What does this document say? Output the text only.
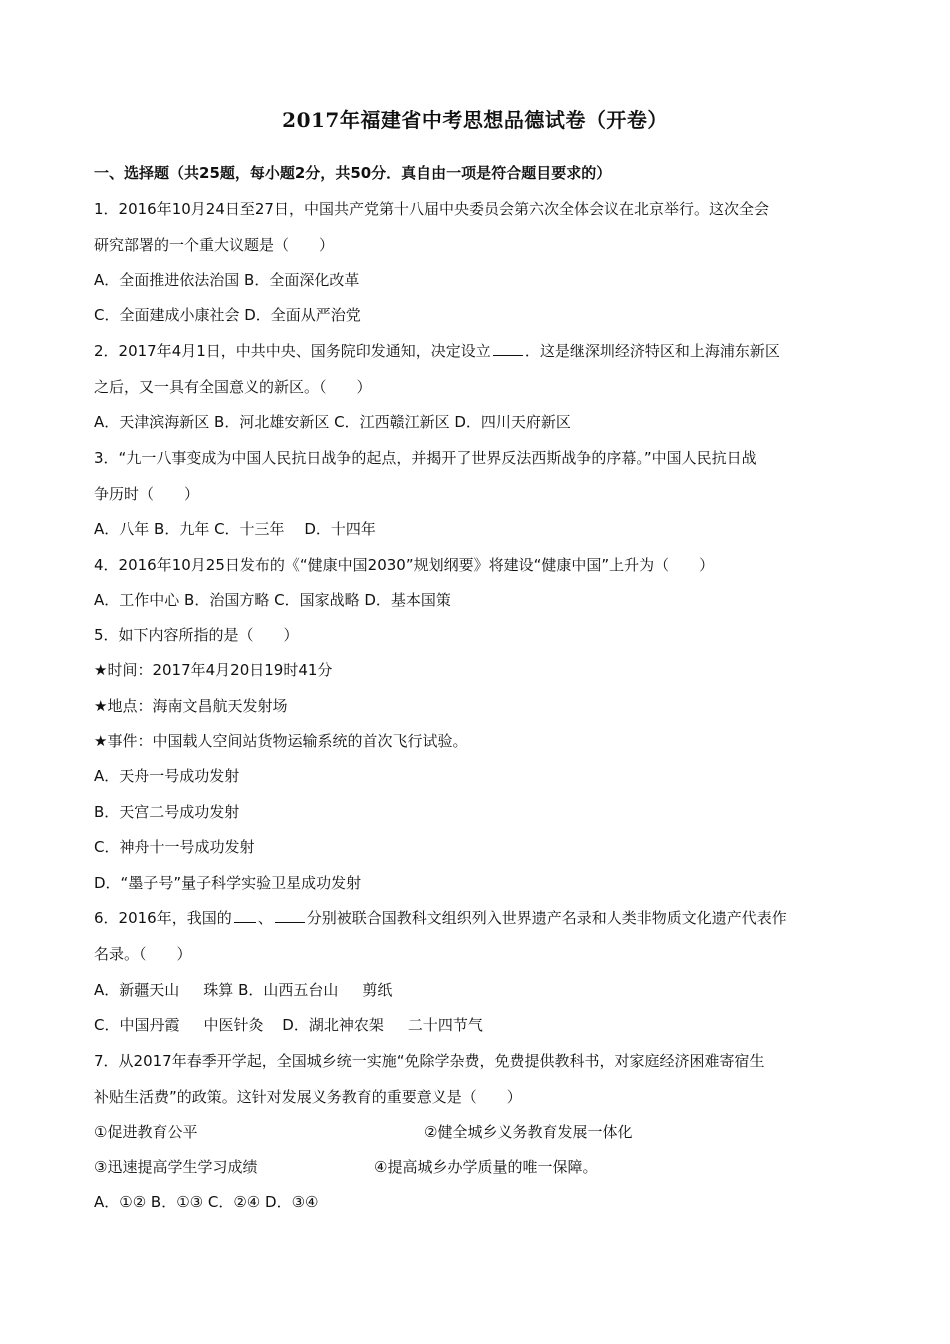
2017年福建省中考思想品德试卷（开卷）
一、选择题（共25题，每小题2分，共50分．真自由一项是符合题目要求的）
1．2016年10月24日至27日，中国共产党第十八届中央委员会第六次全体会议在北京举行。这次全会
研究部署的一个重大议题是（　　）
A．全面推进依法治国 B．全面深化改革
C．全面建成小康社会 D．全面从严治党
2．2017年4月1日，中共中央、国务院印发通知，决定设立 ．这是继深圳经济特区和上海浦东新区
之后，又一具有全国意义的新区。（　　）
A．天津滨海新区 B．河北雄安新区 C．江西赣江新区 D．四川天府新区
3．“九一八事变成为中国人民抗日战争的起点，并揭开了世界反法西斯战争的序幕。”中国人民抗日战
争历时（　　）
A．八年 B．九年 C．十三年　 D．十四年
4．2016年10月25日发布的《“健康中国2030”规划纲要》将建设“健康中国”上升为（　　）
A．工作中心 B．治国方略 C．国家战略 D．基本国策
5．如下内容所指的是（　　）
★时间：2017年4月20日19时41分
★地点：海南文昌航天发射场
★事件：中国载人空间站货物运输系统的首次飞行试验。
A．天舟一号成功发射
B．天宫二号成功发射
C．神舟十一号成功发射
D．“墨子号”量子科学实验卫星成功发射
6．2016年，我国的 、 分别被联合国教科文组织列入世界遗产名录和人类非物质文化遗产代表作
名录。（　　）
A．新疆天山 珠算 B．山西五台山 剪纸
C．中国丹霞 中医针灸 D．湖北神农架 二十四节气
7．从2017年春季开学起，全国城乡统一实施“免除学杂费，免费提供教科书，对家庭经济困难寄宿生
补贴生活费”的政策。这针对发展义务教育的重要意义是（　　）
①促进教育公平	②健全城乡义务教育发展一体化
③迅速提高学生学习成绩	④提高城乡办学质量的唯一保障。
A．①② B．①③ C．②④ D．③④
